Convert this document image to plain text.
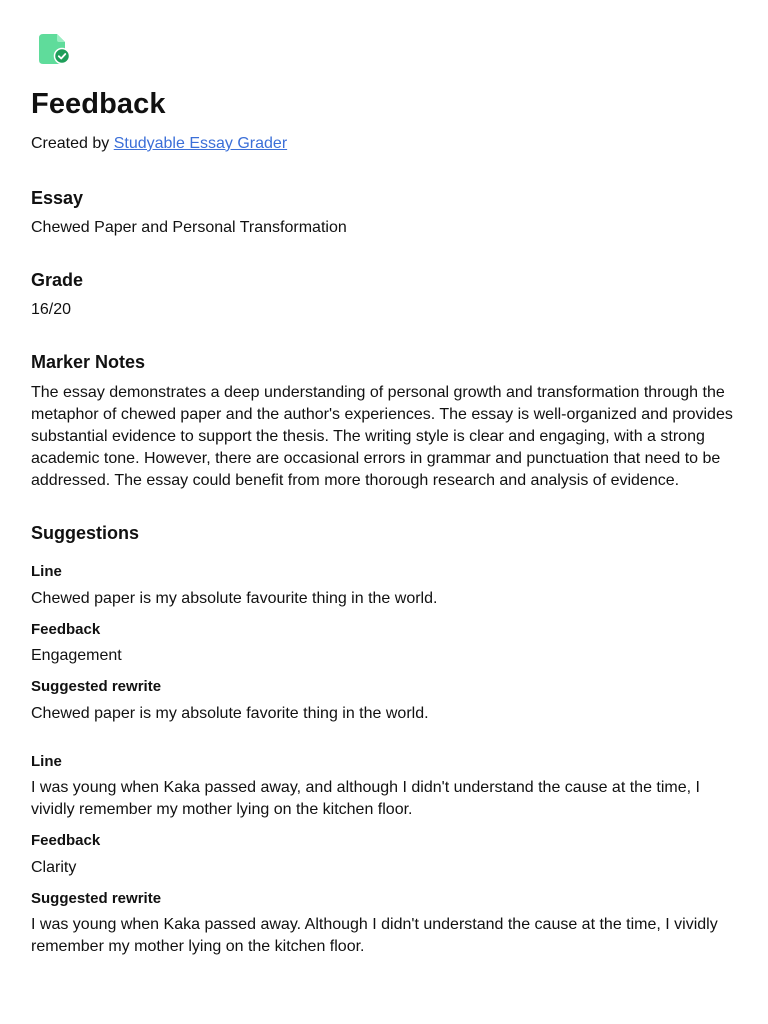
Feedback
Created by Studyable Essay Grader
Essay

Chewed Paper and Personal Transformation

Grade

16/20

Marker Notes

The essay demonstrates a deep understanding of personal growth and transformation through the metaphor of chewed paper and the author's experiences. The essay is well-organized and provides substantial evidence to support the thesis. The writing style is clear and engaging, with a strong academic tone. However, there are occasional errors in grammar and punctuation that need to be addressed. The essay could benefit from more thorough research and analysis of evidence.

Suggestions
Line

Chewed paper is my absolute favourite thing in the world.

Feedback

Engagement

Suggested rewrite

Chewed paper is my absolute favorite thing in the world.

Line

I was young when Kaka passed away, and although I didn't understand the cause at the time, I vividly remember my mother lying on the kitchen floor.

Feedback

Clarity

Suggested rewrite

I was young when Kaka passed away. Although I didn't understand the cause at the time, I vividly remember my mother lying on the kitchen floor.
